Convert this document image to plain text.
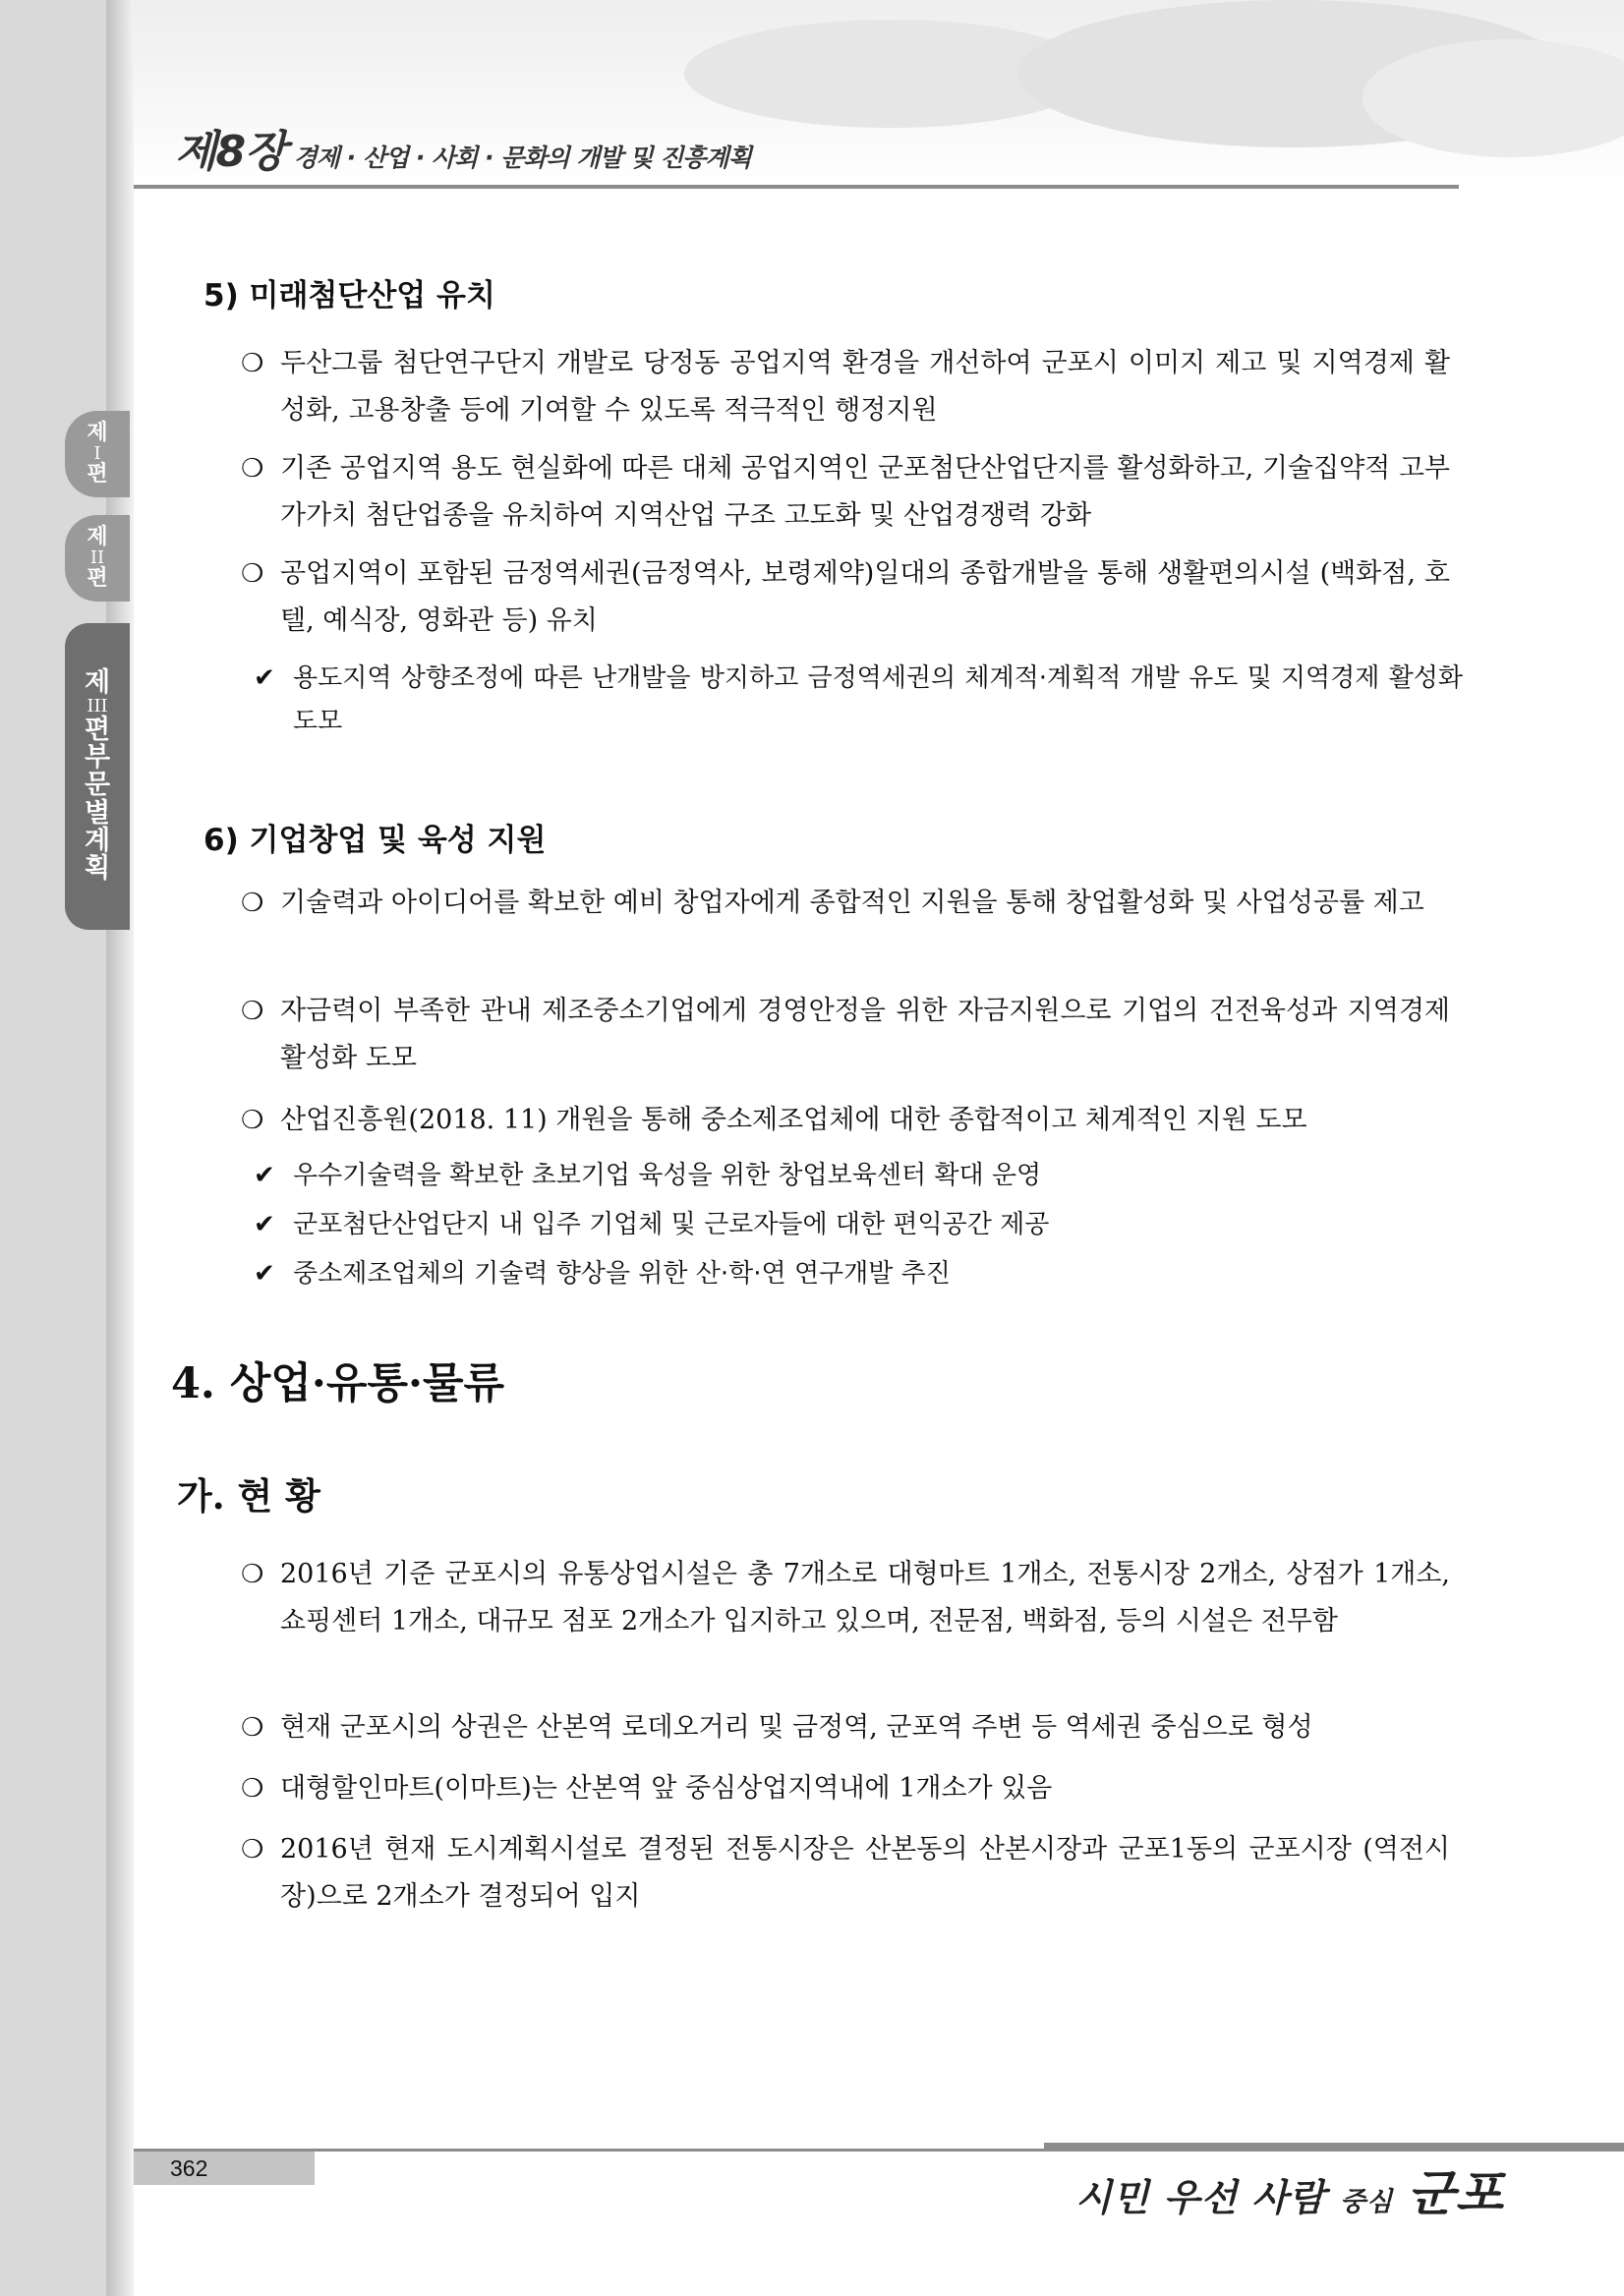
제8장 경제 · 산업 · 사회 · 문화의 개발 및 진흥계획
제
I
편
제
II
편
제
III
편 부 문 별 계 획
5) 미래첨단산업 유치
❍ 두산그룹 첨단연구단지 개발로 당정동 공업지역 환경을 개선하여 군포시 이미지 제고 및 지역경제 활성화, 고용창출 등에 기여할 수 있도록 적극적인 행정지원
❍ 기존 공업지역 용도 현실화에 따른 대체 공업지역인 군포첨단산업단지를 활성화하고, 기술집약적 고부가가치 첨단업종을 유치하여 지역산업 구조 고도화 및 산업경쟁력 강화
❍ 공업지역이 포함된 금정역세권(금정역사, 보령제약)일대의 종합개발을 통해 생활편의시설 (백화점, 호텔, 예식장, 영화관 등) 유치
✔ 용도지역 상향조정에 따른 난개발을 방지하고 금정역세권의 체계적·계획적 개발 유도 및 지역경제 활성화 도모
6) 기업창업 및 육성 지원
❍ 기술력과 아이디어를 확보한 예비 창업자에게 종합적인 지원을 통해 창업활성화 및 사업성공률 제고
❍ 자금력이 부족한 관내 제조중소기업에게 경영안정을 위한 자금지원으로 기업의 건전육성과 지역경제 활성화 도모
❍ 산업진흥원(2018. 11) 개원을 통해 중소제조업체에 대한 종합적이고 체계적인 지원 도모
✔ 우수기술력을 확보한 초보기업 육성을 위한 창업보육센터 확대 운영
✔ 군포첨단산업단지 내 입주 기업체 및 근로자들에 대한 편익공간 제공
✔ 중소제조업체의 기술력 향상을 위한 산·학·연 연구개발 추진
4. 상업·유통·물류
가. 현 황
❍ 2016년 기준 군포시의 유통상업시설은 총 7개소로 대형마트 1개소, 전통시장 2개소, 상점가 1개소, 쇼핑센터 1개소, 대규모 점포 2개소가 입지하고 있으며, 전문점, 백화점, 등의 시설은 전무함
❍ 현재 군포시의 상권은 산본역 로데오거리 및 금정역, 군포역 주변 등 역세권 중심으로 형성
❍ 대형할인마트(이마트)는 산본역 앞 중심상업지역내에 1개소가 있음
❍ 2016년 현재 도시계획시설로 결정된 전통시장은 산본동의 산본시장과 군포1동의 군포시장 (역전시장)으로 2개소가 결정되어 입지
362
시민 우선 사람 중심 군포
